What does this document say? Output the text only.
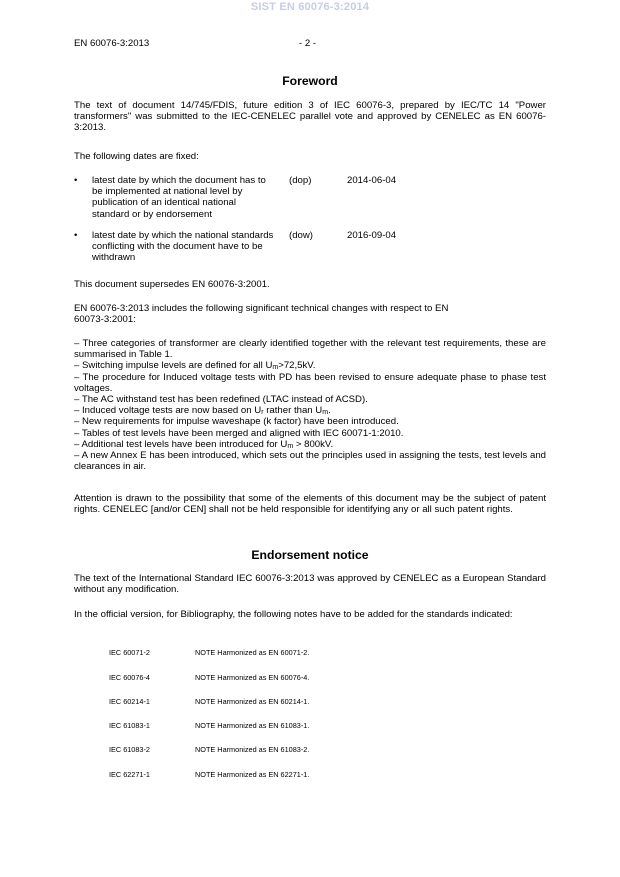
SIST EN 60076-3:2014
EN 60076-3:2013	- 2 -
Foreword
The text of document 14/745/FDIS, future edition 3 of IEC 60076-3, prepared by IEC/TC 14 "Power transformers" was submitted to the IEC-CENELEC parallel vote and approved by CENELEC as EN 60076-3:2013.
The following dates are fixed:
• latest date by which the document has to be implemented at national level by publication of an identical national standard or by endorsement
(dop)	2014-06-04
• latest date by which the national standards conflicting with the document have to be withdrawn
(dow)	2016-09-04
This document supersedes EN 60076-3:2001.
EN 60076-3:2013 includes the following significant technical changes with respect to EN 60073-3:2001:

– Three categories of transformer are clearly identified together with the relevant test requirements, these are summarised in Table 1.

– Switching impulse levels are defined for all $U_m>72,5kV$.

– The procedure for Induced voltage tests with PD has been revised to ensure adequate phase to phase test voltages.

– The AC withstand test has been redefined (LTAC instead of ACSD).

– Induced voltage tests are now based on $U_r$ rather than $U_m$.

– New requirements for impulse waveshape (k factor) have been introduced.

– Tables of test levels have been merged and aligned with IEC 60071-1:2010.

– Additional test levels have been introduced for $U_m > 800kV$.

– A new Annex E has been introduced, which sets out the principles used in assigning the tests, test levels and clearances in air.

Attention is drawn to the possibility that some of the elements of this document may be the subject of patent rights. CENELEC [and/or CEN] shall not be held responsible for identifying any or all such patent rights.
Endorsement notice
The text of the International Standard IEC 60076-3:2013 was approved by CENELEC as a European Standard without any modification.
In the official version, for Bibliography, the following notes have to be added for the standards indicated:
IEC 60071-2	NOTE Harmonized as EN 60071-2.
IEC 60076-4	NOTE Harmonized as EN 60076-4.
IEC 60214-1	NOTE Harmonized as EN 60214-1.
IEC 61083-1	NOTE Harmonized as EN 61083-1.
IEC 61083-2	NOTE Harmonized as EN 61083-2.
IEC 62271-1	NOTE Harmonized as EN 62271-1.
